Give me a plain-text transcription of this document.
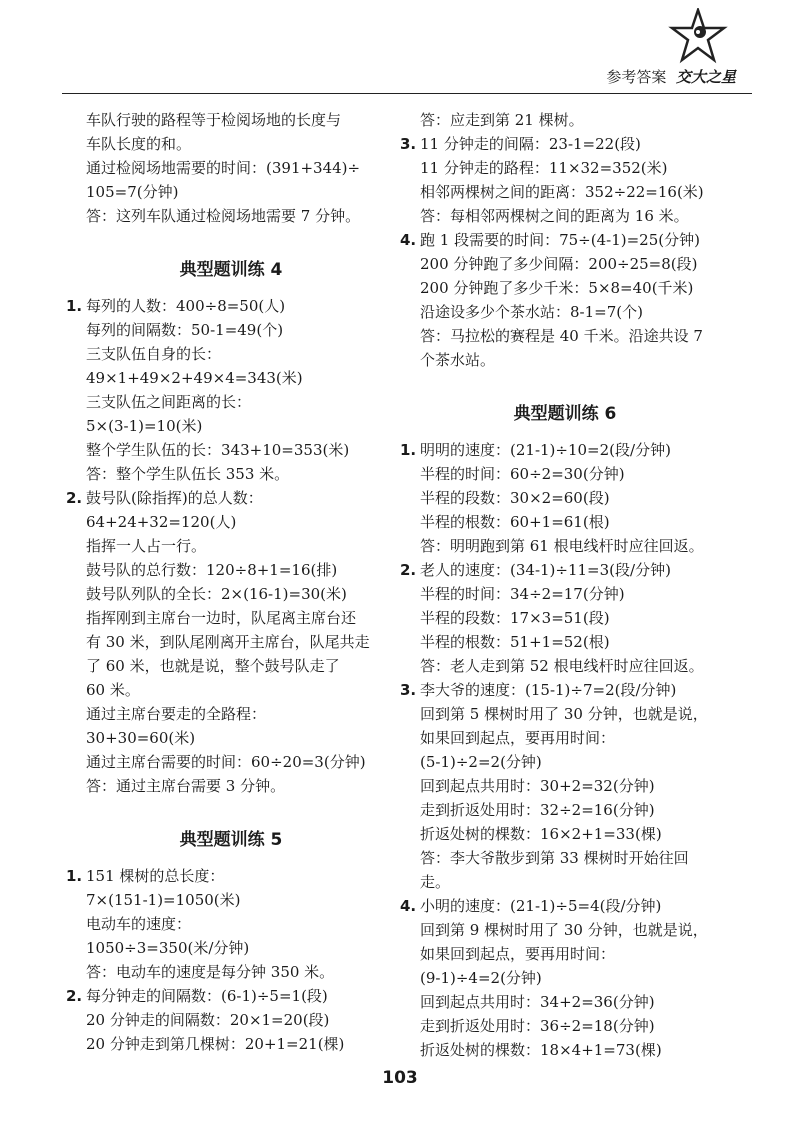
参考答案 交大之星
车队行驶的路程等于检阅场地的长度与
车队长度的和。
通过检阅场地需要的时间：(391+344)÷
105=7(分钟)
答：这列车队通过检阅场地需要 7 分钟。
典型题训练 4
1. 每列的人数：400÷8=50(人)
每列的间隔数：50-1=49(个)
三支队伍自身的长：
49×1+49×2+49×4=343(米)
三支队伍之间距离的长：
5×(3-1)=10(米)
整个学生队伍的长：343+10=353(米)
答：整个学生队伍长 353 米。
2. 鼓号队(除指挥)的总人数：
64+24+32=120(人)
指挥一人占一行。
鼓号队的总行数：120÷8+1=16(排)
鼓号队列队的全长：2×(16-1)=30(米)
指挥刚到主席台一边时，队尾离主席台还
有 30 米，到队尾刚离开主席台，队尾共走
了 60 米，也就是说，整个鼓号队走了
60 米。
通过主席台要走的全路程：
30+30=60(米)
通过主席台需要的时间：60÷20=3(分钟)
答：通过主席台需要 3 分钟。
典型题训练 5
1. 151 棵树的总长度：
7×(151-1)=1050(米)
电动车的速度：
1050÷3=350(米/分钟)
答：电动车的速度是每分钟 350 米。
2. 每分钟走的间隔数：(6-1)÷5=1(段)
20 分钟走的间隔数：20×1=20(段)
20 分钟走到第几棵树：20+1=21(棵)
答：应走到第 21 棵树。
3. 11 分钟走的间隔：23-1=22(段)
11 分钟走的路程：11×32=352(米)
相邻两棵树之间的距离：352÷22=16(米)
答：每相邻两棵树之间的距离为 16 米。
4. 跑 1 段需要的时间：75÷(4-1)=25(分钟)
200 分钟跑了多少间隔：200÷25=8(段)
200 分钟跑了多少千米：5×8=40(千米)
沿途设多少个茶水站：8-1=7(个)
答：马拉松的赛程是 40 千米。沿途共设 7
个茶水站。
典型题训练 6
1. 明明的速度：(21-1)÷10=2(段/分钟)
半程的时间：60÷2=30(分钟)
半程的段数：30×2=60(段)
半程的根数：60+1=61(根)
答：明明跑到第 61 根电线杆时应往回返。
2. 老人的速度：(34-1)÷11=3(段/分钟)
半程的时间：34÷2=17(分钟)
半程的段数：17×3=51(段)
半程的根数：51+1=52(根)
答：老人走到第 52 根电线杆时应往回返。
3. 李大爷的速度：(15-1)÷7=2(段/分钟)
回到第 5 棵树时用了 30 分钟，也就是说，
如果回到起点，要再用时间：
(5-1)÷2=2(分钟)
回到起点共用时：30+2=32(分钟)
走到折返处用时：32÷2=16(分钟)
折返处树的棵数：16×2+1=33(棵)
答：李大爷散步到第 33 棵树时开始往回
走。
4. 小明的速度：(21-1)÷5=4(段/分钟)
回到第 9 棵树时用了 30 分钟，也就是说，
如果回到起点，要再用时间：
(9-1)÷4=2(分钟)
回到起点共用时：34+2=36(分钟)
走到折返处用时：36÷2=18(分钟)
折返处树的棵数：18×4+1=73(棵)
103
